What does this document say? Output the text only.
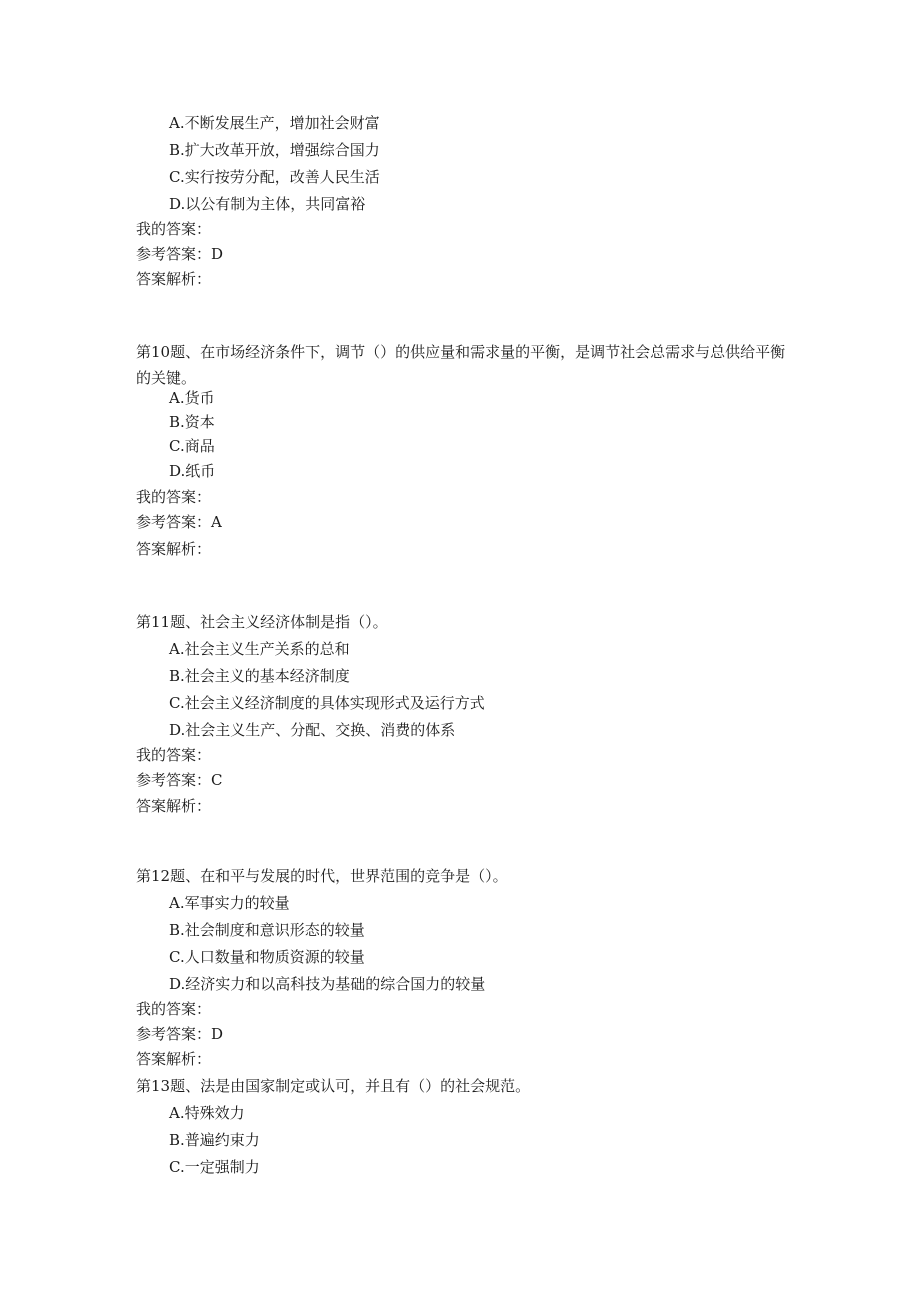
A.不断发展生产，增加社会财富
B.扩大改革开放，增强综合国力
C.实行按劳分配，改善人民生活
D.以公有制为主体，共同富裕
我的答案：
参考答案：D
答案解析：
第10题、在市场经济条件下，调节（）的供应量和需求量的平衡，是调节社会总需求与总供给平衡的关键。
A.货币
B.资本
C.商品
D.纸币
我的答案：
参考答案：A
答案解析：
第11题、社会主义经济体制是指（）。
A.社会主义生产关系的总和
B.社会主义的基本经济制度
C.社会主义经济制度的具体实现形式及运行方式
D.社会主义生产、分配、交换、消费的体系
我的答案：
参考答案：C
答案解析：
第12题、在和平与发展的时代，世界范围的竞争是（）。
A.军事实力的较量
B.社会制度和意识形态的较量
C.人口数量和物质资源的较量
D.经济实力和以高科技为基础的综合国力的较量
我的答案：
参考答案：D
答案解析：
第13题、法是由国家制定或认可，并且有（）的社会规范。
A.特殊效力
B.普遍约束力
C.一定强制力
